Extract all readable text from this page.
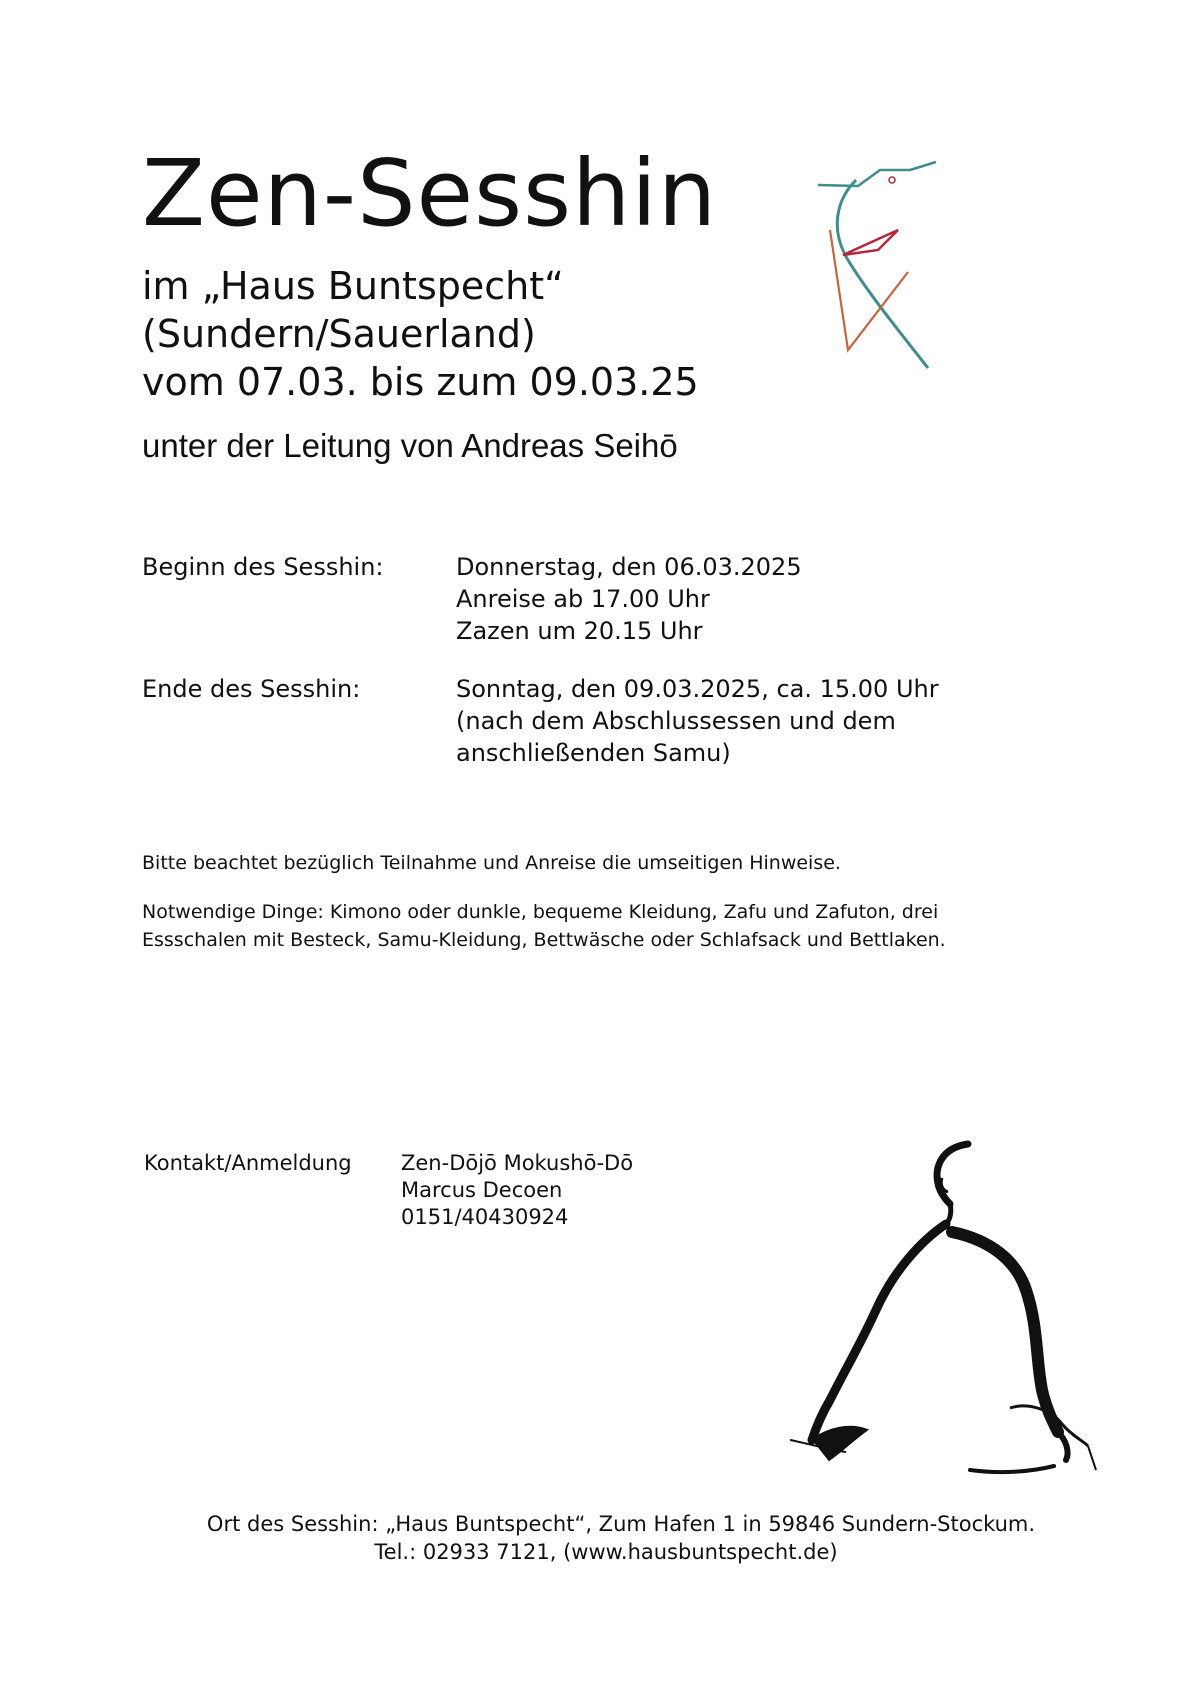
Zen-Sesshin
im „Haus Buntspecht“
(Sundern/Sauerland)
vom 07.03. bis zum 09.03.25
unter der Leitung von Andreas Seihō
Beginn des Sesshin:	Donnerstag, den 06.03.2025
Anreise ab 17.00 Uhr
Zazen um 20.15 Uhr
Ende des Sesshin:	Sonntag, den 09.03.2025, ca. 15.00 Uhr
(nach dem Abschlussessen und dem
anschließenden Samu)
Bitte beachtet bezüglich Teilnahme und Anreise die umseitigen Hinweise.
Notwendige Dinge: Kimono oder dunkle, bequeme Kleidung, Zafu und Zafuton, drei
Essschalen mit Besteck, Samu-Kleidung, Bettwäsche oder Schlafsack und Bettlaken.
Kontakt/Anmeldung Zen-Dōjō Mokushō-Dō
Marcus Decoen
0151/40430924
Ort des Sesshin: „Haus Buntspecht“, Zum Hafen 1 in 59846 Sundern-Stockum.
Tel.: 02933 7121, (www.hausbuntspecht.de)
